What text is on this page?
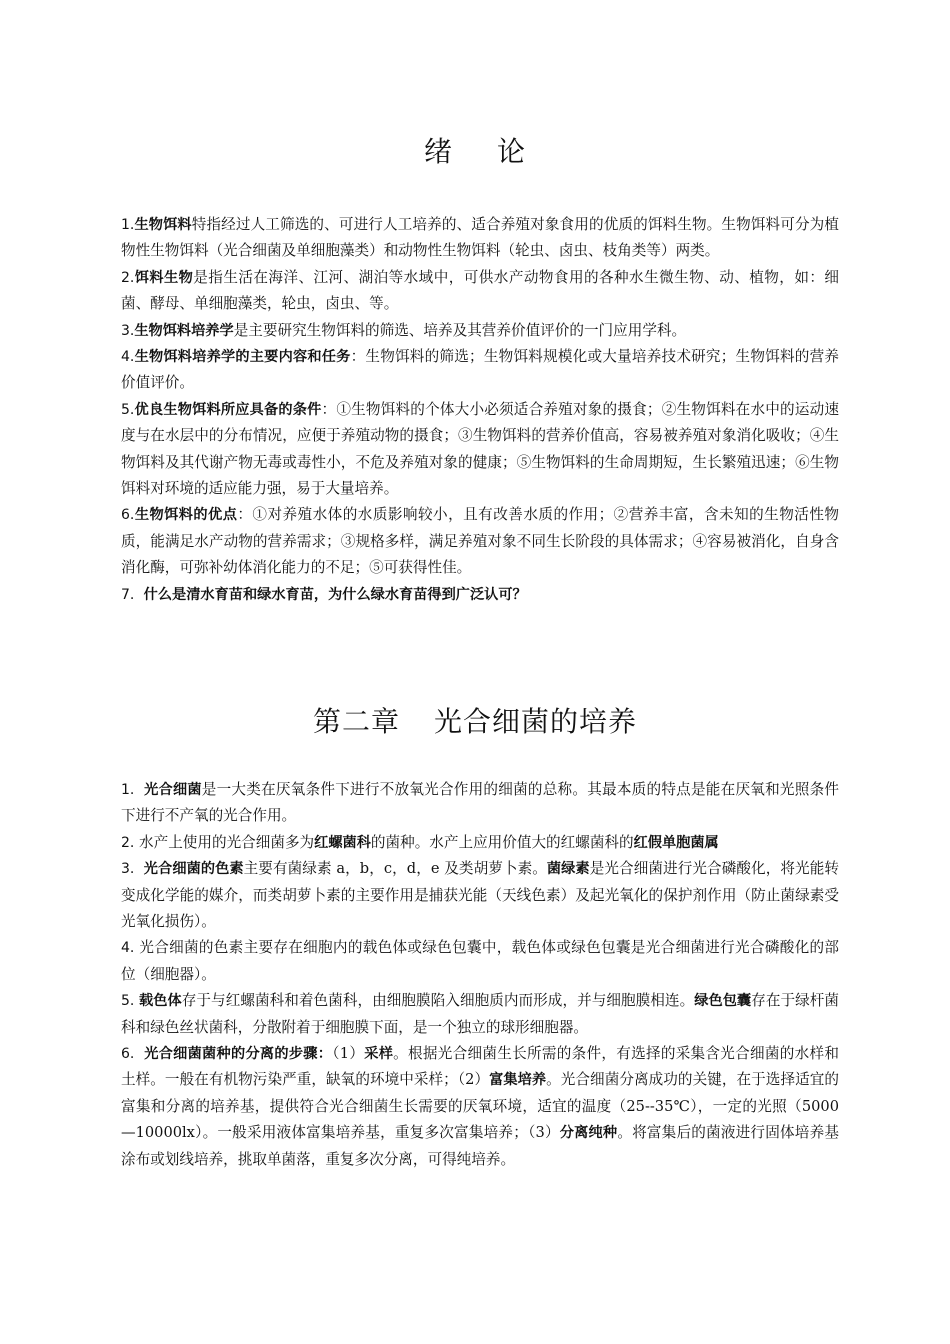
绪 论

1.生物饵料特指经过人工筛选的、可进行人工培养的、适合养殖对象食用的优质的饵料生物。生物饵料可分为植物性生物饵料（光合细菌及单细胞藻类）和动物性生物饵料（轮虫、卤虫、枝角类等）两类。

2.饵料生物是指生活在海洋、江河、湖泊等水域中，可供水产动物食用的各种水生微生物、动、植物，如：细菌、酵母、单细胞藻类，轮虫，卤虫、等。

3.生物饵料培养学是主要研究生物饵料的筛选、培养及其营养价值评价的一门应用学科。

4.生物饵料培养学的主要内容和任务：生物饵料的筛选；生物饵料规模化或大量培养技术研究；生物饵料的营养价值评价。

5.优良生物饵料所应具备的条件：①生物饵料的个体大小必须适合养殖对象的摄食；②生物饵料在水中的运动速度与在水层中的分布情况，应便于养殖动物的摄食；③生物饵料的营养价值高，容易被养殖对象消化吸收；④生物饵料及其代谢产物无毒或毒性小，不危及养殖对象的健康；⑤生物饵料的生命周期短，生长繁殖迅速；⑥生物饵料对环境的适应能力强，易于大量培养。

6.生物饵料的优点：①对养殖水体的水质影响较小，且有改善水质的作用；②营养丰富，含未知的生物活性物质，能满足水产动物的营养需求；③规格多样，满足养殖对象不同生长阶段的具体需求；④容易被消化，自身含消化酶，可弥补幼体消化能力的不足；⑤可获得性佳。

7. 什么是清水育苗和绿水育苗，为什么绿水育苗得到广泛认可？

第二章 光合细菌的培养

1. 光合细菌是一大类在厌氧条件下进行不放氧光合作用的细菌的总称。其最本质的特点是能在厌氧和光照条件下进行不产氧的光合作用。

2. 水产上使用的光合细菌多为红螺菌科的菌种。水产上应用价值大的红螺菌科的红假单胞菌属

3. 光合细菌的色素主要有菌绿素 a，b，c，d，e 及类胡萝卜素。菌绿素是光合细菌进行光合磷酸化，将光能转变成化学能的媒介，而类胡萝卜素的主要作用是捕获光能（天线色素）及起光氧化的保护剂作用（防止菌绿素受光氧化损伤）。

4. 光合细菌的色素主要存在细胞内的载色体或绿色包囊中，载色体或绿色包囊是光合细菌进行光合磷酸化的部位（细胞器）。

5. 载色体存于与红螺菌科和着色菌科，由细胞膜陷入细胞质内而形成，并与细胞膜相连。绿色包囊存在于绿杆菌科和绿色丝状菌科，分散附着于细胞膜下面，是一个独立的球形细胞器。

6. 光合细菌菌种的分离的步骤：（1）采样。根据光合细菌生长所需的条件，有选择的采集含光合细菌的水样和土样。一般在有机物污染严重，缺氧的环境中采样；（2）富集培养。光合细菌分离成功的关键，在于选择适宜的富集和分离的培养基，提供符合光合细菌生长需要的厌氧环境，适宜的温度（25--35℃），一定的光照（5000—10000lx）。一般采用液体富集培养基，重复多次富集培养；（3）分离纯种。将富集后的菌液进行固体培养基涂布或划线培养，挑取单菌落，重复多次分离，可得纯培养。
